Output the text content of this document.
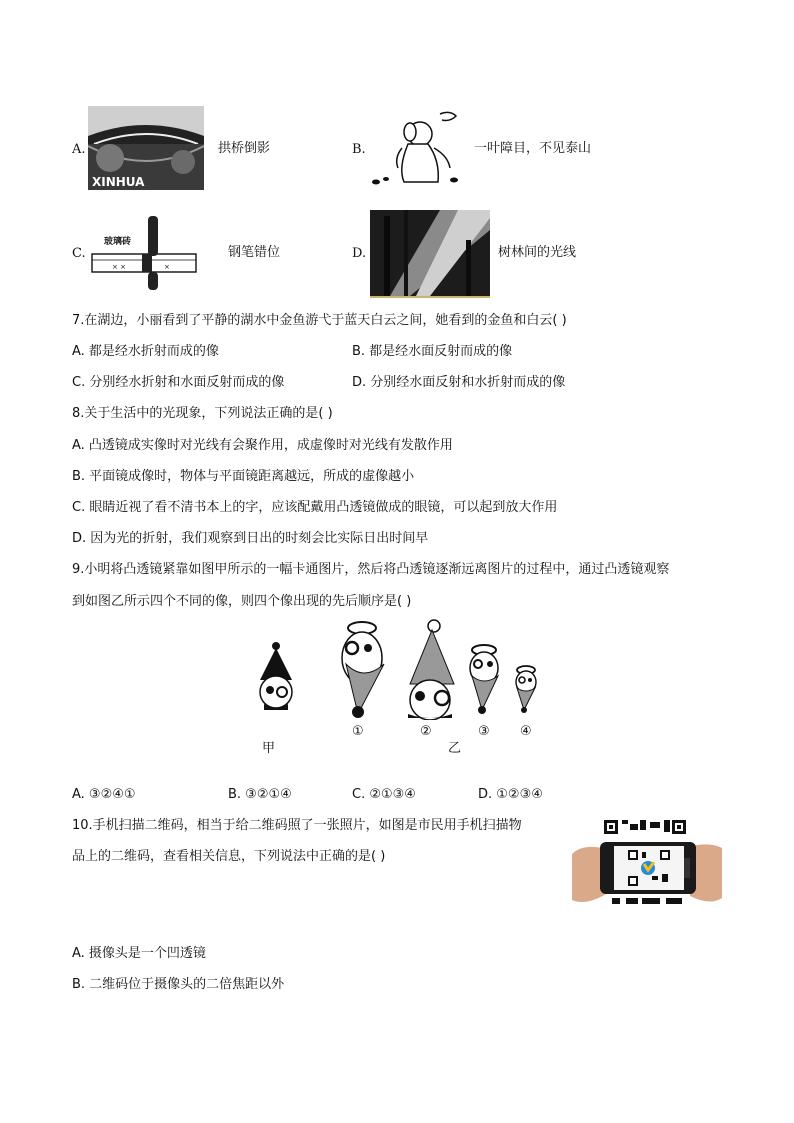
A.
XINHUA
拱桥倒影	B.	一叶障目，不见泰山
C.
玻璃砖
× ×	×
钢笔错位	D.	树林间的光线
7.在湖边，小丽看到了平静的湖水中金鱼游弋于蓝天白云之间，她看到的金鱼和白云( )
A. 都是经水折射而成的像	B. 都是经水面反射而成的像
C. 分别经水折射和水面反射而成的像	D. 分别经水面反射和水折射而成的像
8.关于生活中的光现象，下列说法正确的是( )
A. 凸透镜成实像时对光线有会聚作用，成虚像时对光线有发散作用
B. 平面镜成像时，物体与平面镜距离越远，所成的虚像越小
C. 眼睛近视了看不清书本上的字，应该配戴用凸透镜做成的眼镜，可以起到放大作用
D. 因为光的折射，我们观察到日出的时刻会比实际日出时间早
9.小明将凸透镜紧靠如图甲所示的一幅卡通图片，然后将凸透镜逐渐远离图片的过程中，通过凸透镜观察
到如图乙所示四个不同的像，则四个像出现的先后顺序是( )
甲
①	②	③ ④
乙
A. ③②④①	B. ③②①④	C. ②①③④	D. ①②③④
10.手机扫描二维码，相当于给二维码照了一张照片，如图是市民用手机扫描物
品上的二维码，查看相关信息，下列说法中正确的是( )
A. 摄像头是一个凹透镜
B. 二维码位于摄像头的二倍焦距以外
